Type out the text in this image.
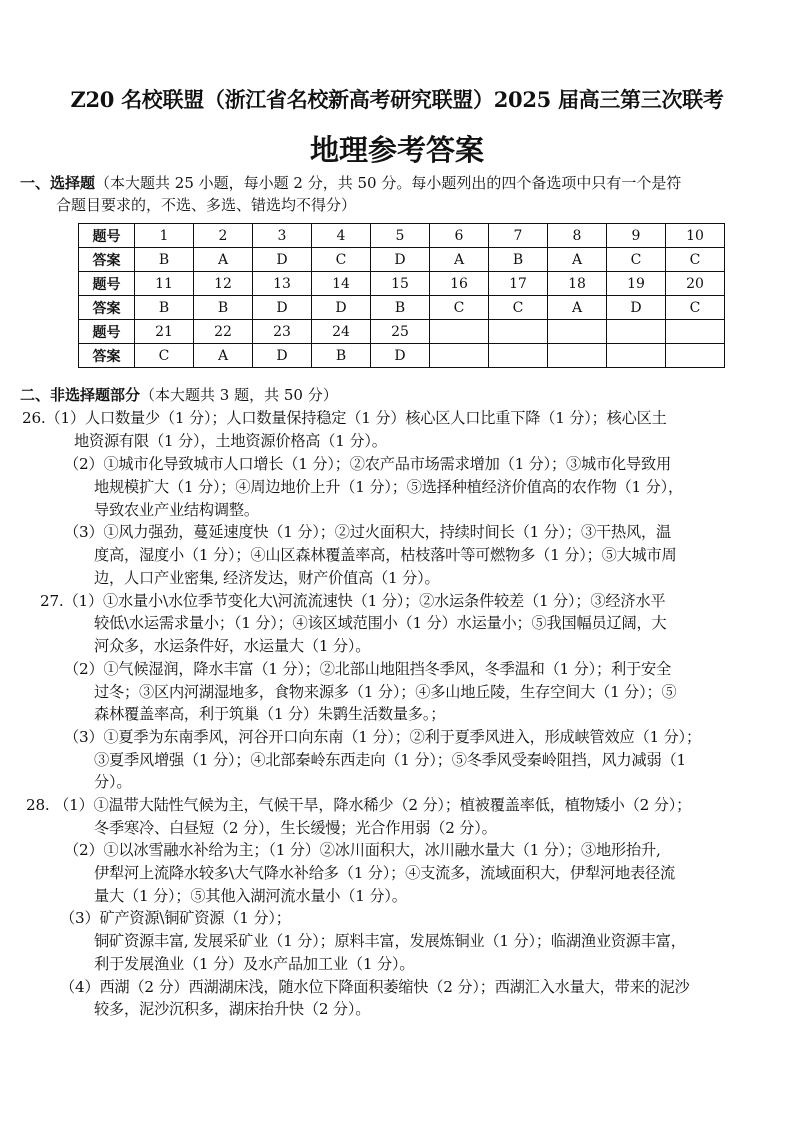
Z20 名校联盟（浙江省名校新高考研究联盟）2025 届高三第三次联考
地理参考答案
一、选择题（本大题共 25 小题，每小题 2 分，共 50 分。每小题列出的四个备选项中只有一个是符
合题目要求的，不选、多选、错选均不得分）
题号	1	2	3	4	5	6	7	8	9	10
答案	B	A	D	C	D	A	B	A	C	C
题号	11	12	13	14	15	16	17	18	19	20
答案	B	B	D	D	B	C	C	A	D	C
题号	21	22	23	24	25					
答案	C	A	D	B	D					
二、非选择题部分（本大题共 3 题，共 50 分）
26.（1）人口数量少（1 分）；人口数量保持稳定（1 分）核心区人口比重下降（1 分）；核心区土
地资源有限（1 分），土地资源价格高（1 分）。
（2）①城市化导致城市人口增长（1 分）；②农产品市场需求增加（1 分）；③城市化导致用
地规模扩大（1 分）；④周边地价上升（1 分）；⑤选择种植经济价值高的农作物（1 分），
导致农业产业结构调整。
（3）①风力强劲，蔓延速度快（1 分）；②过火面积大，持续时间长（1 分）；③干热风，温
度高，湿度小（1 分）；④山区森林覆盖率高，枯枝落叶等可燃物多（1 分）；⑤大城市周
边，人口产业密集, 经济发达，财产价值高（1 分）。
27.（1）①水量小\水位季节变化大\河流流速快（1 分）；②水运条件较差（1 分）；③经济水平
较低\水运需求量小；（1 分）；④该区域范围小（1 分）水运量小；⑤我国幅员辽阔，大
河众多，水运条件好，水运量大（1 分）。
（2）①气候湿润，降水丰富（1 分）；②北部山地阻挡冬季风，冬季温和（1 分）；利于安全
过冬；③区内河湖湿地多，食物来源多（1 分）；④多山地丘陵，生存空间大（1 分）；⑤
森林覆盖率高，利于筑巢（1 分）朱鹮生活数量多。；
（3）①夏季为东南季风，河谷开口向东南（1 分）；②利于夏季风进入，形成峡管效应（1 分）；
③夏季风增强（1 分）；④北部秦岭东西走向（1 分）；⑤冬季风受秦岭阻挡，风力减弱（1
分）。
28. （1）①温带大陆性气候为主，气候干旱，降水稀少（2 分）；植被覆盖率低，植物矮小（2 分）；
冬季寒冷、白昼短（2 分），生长缓慢；光合作用弱（2 分）。
（2）①以冰雪融水补给为主；（1 分）②冰川面积大，冰川融水量大（1 分）；③地形抬升,
伊犁河上流降水较多\大气降水补给多（1 分）；④支流多，流域面积大，伊犁河地表径流
量大（1 分）；⑤其他入湖河流水量小（1 分）。
（3）矿产资源\铜矿资源（1 分）；
铜矿资源丰富, 发展采矿业（1 分）；原料丰富，发展炼铜业（1 分）；临湖渔业资源丰富，
利于发展渔业（1 分）及水产品加工业（1 分）。
（4）西湖（2 分）西湖湖床浅，随水位下降面积萎缩快（2 分）；西湖汇入水量大，带来的泥沙
较多，泥沙沉积多，湖床抬升快（2 分）。
